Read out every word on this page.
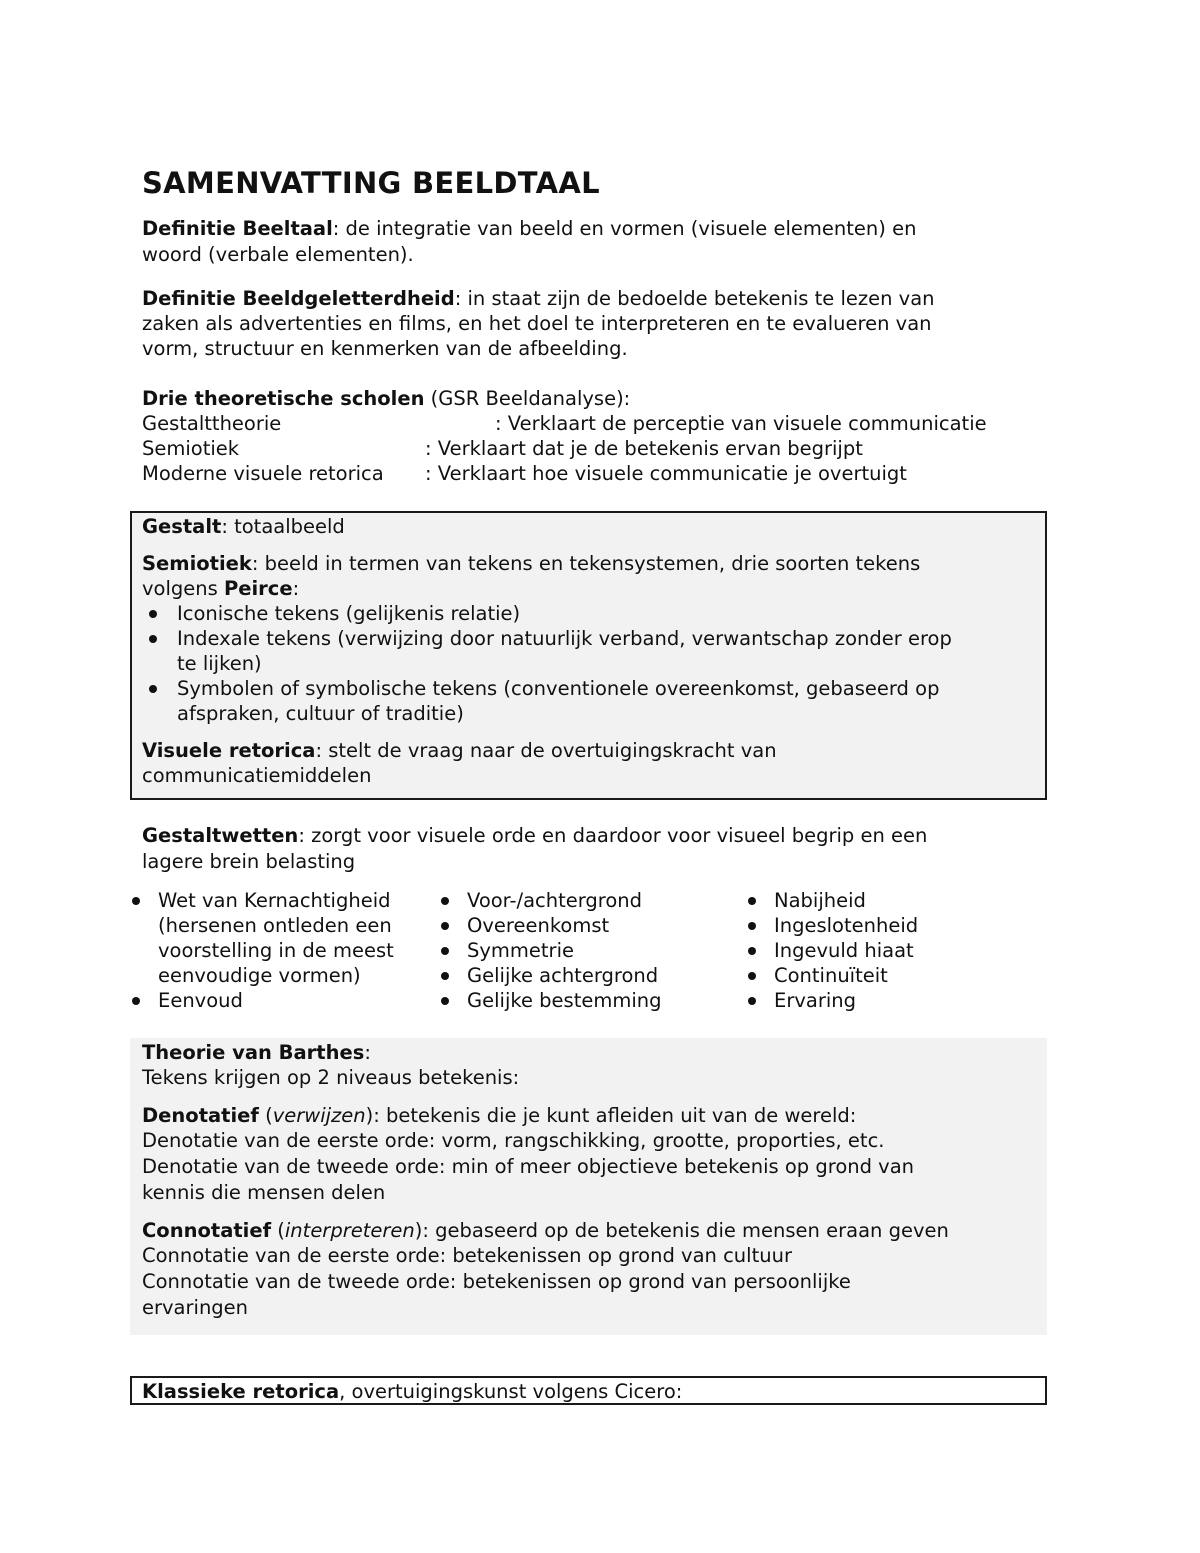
SAMENVATTING BEELDTAAL
Definitie Beeltaal: de integratie van beeld en vormen (visuele elementen) en
woord (verbale elementen).
Definitie Beeldgeletterdheid: in staat zijn de bedoelde betekenis te lezen van
zaken als advertenties en films, en het doel te interpreteren en te evalueren van
vorm, structuur en kenmerken van de afbeelding.
Drie theoretische scholen (GSR Beeldanalyse):
Gestalttheorie	: Verklaart de perceptie van visuele communicatie
Semiotiek	: Verklaart dat je de betekenis ervan begrijpt
Moderne visuele retorica : Verklaart hoe visuele communicatie je overtuigt
Gestalt: totaalbeeld
Semiotiek: beeld in termen van tekens en tekensystemen, drie soorten tekens
volgens Peirce:
Iconische tekens (gelijkenis relatie)
Indexale tekens (verwijzing door natuurlijk verband, verwantschap zonder erop
te lijken)
Symbolen of symbolische tekens (conventionele overeenkomst, gebaseerd op
afspraken, cultuur of traditie)
Visuele retorica: stelt de vraag naar de overtuigingskracht van
communicatiemiddelen
Gestaltwetten: zorgt voor visuele orde en daardoor voor visueel begrip en een
lagere brein belasting
Wet van Kernachtigheid
(hersenen ontleden een
voorstelling in de meest
eenvoudige vormen)
Eenvoud
Voor-/achtergrond
Overeenkomst
Symmetrie
Gelijke achtergrond
Gelijke bestemming
Nabijheid
Ingeslotenheid
Ingevuld hiaat
Continuïteit
Ervaring
Theorie van Barthes:
Tekens krijgen op 2 niveaus betekenis:
Denotatief (verwijzen): betekenis die je kunt afleiden uit van de wereld:
Denotatie van de eerste orde: vorm, rangschikking, grootte, proporties, etc.
Denotatie van de tweede orde: min of meer objectieve betekenis op grond van
kennis die mensen delen
Connotatief (interpreteren): gebaseerd op de betekenis die mensen eraan geven
Connotatie van de eerste orde: betekenissen op grond van cultuur
Connotatie van de tweede orde: betekenissen op grond van persoonlijke
ervaringen
Klassieke retorica, overtuigingskunst volgens Cicero:
